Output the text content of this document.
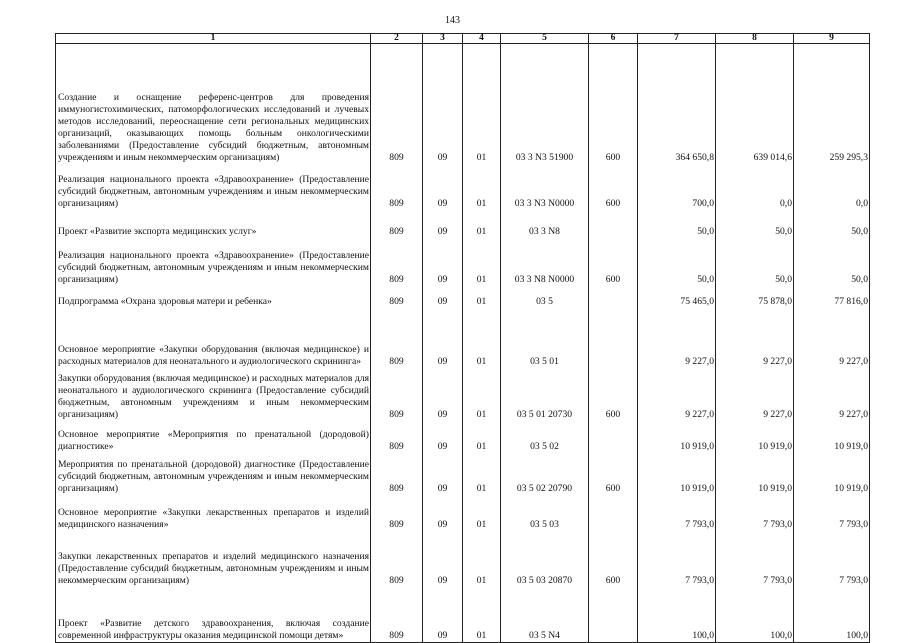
143
1	2	3	4	5	6	7	8	9
Создание и оснащение референс-центров для проведения иммуногистохимических, патоморфологических исследований и лучевых методов исследований, переоснащение сети региональных медицинских организаций, оказывающих помощь больным онкологическими заболеваниями (Предоставление субсидий бюджетным, автономным учреждениям и иным некоммерческим организациям)	809	09	01	03 3 N3 51900	600	364 650,8	639 014,6	259 295,3
Реализация национального проекта «Здравоохранение» (Предоставление субсидий бюджетным, автономным учреждениям и иным некоммерческим организациям)	809	09	01	03 3 N3 N0000	600	700,0	0,0	0,0
Проект «Развитие экспорта медицинских услуг»	809	09	01	03 3 N8		50,0	50,0	50,0
Реализация национального проекта «Здравоохранение» (Предоставление субсидий бюджетным, автономным учреждениям и иным некоммерческим организациям)	809	09	01	03 3 N8 N0000	600	50,0	50,0	50,0
Подпрограмма «Охрана здоровья матери и ребенка»	809	09	01	03 5		75 465,0	75 878,0	77 816,0
Основное мероприятие «Закупки оборудования (включая медицинское) и расходных материалов для неонатального и аудиологического скрининга»	809	09	01	03 5 01		9 227,0	9 227,0	9 227,0
Закупки оборудования (включая медицинское) и расходных материалов для неонатального и аудиологического скрининга (Предоставление субсидий бюджетным, автономным учреждениям и иным некоммерческим организациям)	809	09	01	03 5 01 20730	600	9 227,0	9 227,0	9 227,0
Основное мероприятие «Мероприятия по пренатальной (дородовой) диагностике»	809	09	01	03 5 02		10 919,0	10 919,0	10 919,0
Мероприятия по пренатальной (дородовой) диагностике (Предоставление субсидий бюджетным, автономным учреждениям и иным некоммерческим организациям)	809	09	01	03 5 02 20790	600	10 919,0	10 919,0	10 919,0
Основное мероприятие «Закупки лекарственных препаратов и изделий медицинского назначения»	809	09	01	03 5 03		7 793,0	7 793,0	7 793,0
Закупки лекарственных препаратов и изделий медицинского назначения (Предоставление субсидий бюджетным, автономным учреждениям и иным некоммерческим организациям)	809	09	01	03 5 03 20870	600	7 793,0	7 793,0	7 793,0
Проект «Развитие детского здравоохранения, включая создание современной инфраструктуры оказания медицинской помощи детям»	809	09	01	03 5 N4		100,0	100,0	100,0
